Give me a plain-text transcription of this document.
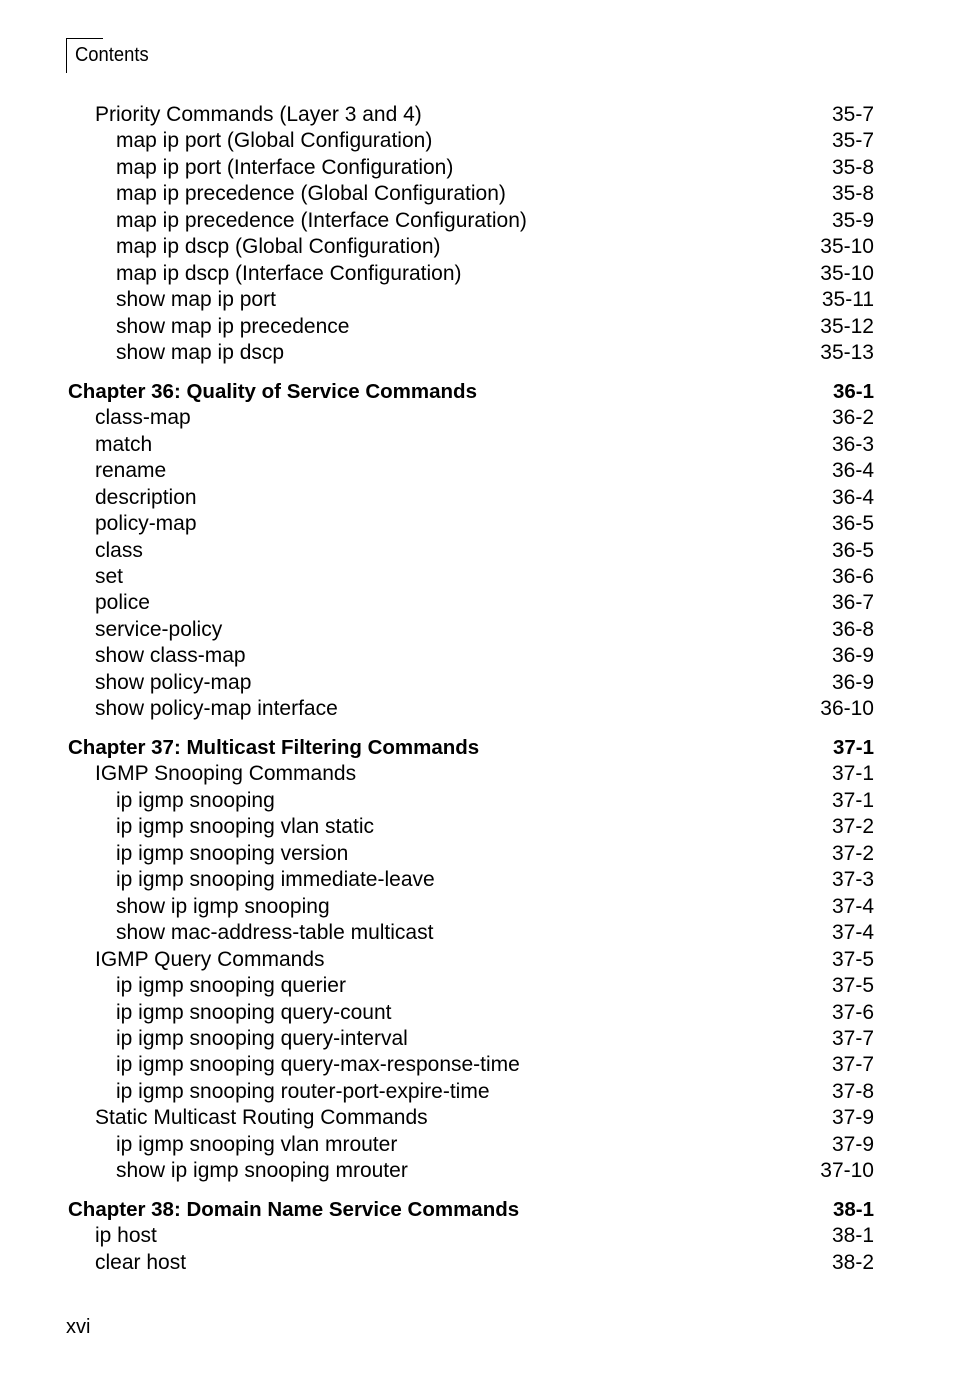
Contents
Priority Commands (Layer 3 and 4)	35-7
map ip port (Global Configuration)	35-7
map ip port (Interface Configuration)	35-8
map ip precedence (Global Configuration)	35-8
map ip precedence (Interface Configuration)	35-9
map ip dscp (Global Configuration)	35-10
map ip dscp (Interface Configuration)	35-10
show map ip port	35-11
show map ip precedence	35-12
show map ip dscp	35-13
Chapter 36: Quality of Service Commands	36-1
class-map	36-2
match	36-3
rename	36-4
description	36-4
policy-map	36-5
class	36-5
set	36-6
police	36-7
service-policy	36-8
show class-map	36-9
show policy-map	36-9
show policy-map interface	36-10
Chapter 37: Multicast Filtering Commands	37-1
IGMP Snooping Commands	37-1
ip igmp snooping	37-1
ip igmp snooping vlan static	37-2
ip igmp snooping version	37-2
ip igmp snooping immediate-leave	37-3
show ip igmp snooping	37-4
show mac-address-table multicast	37-4
IGMP Query Commands	37-5
ip igmp snooping querier	37-5
ip igmp snooping query-count	37-6
ip igmp snooping query-interval	37-7
ip igmp snooping query-max-response-time	37-7
ip igmp snooping router-port-expire-time	37-8
Static Multicast Routing Commands	37-9
ip igmp snooping vlan mrouter	37-9
show ip igmp snooping mrouter	37-10
Chapter 38: Domain Name Service Commands	38-1
ip host	38-1
clear host	38-2
xvi
